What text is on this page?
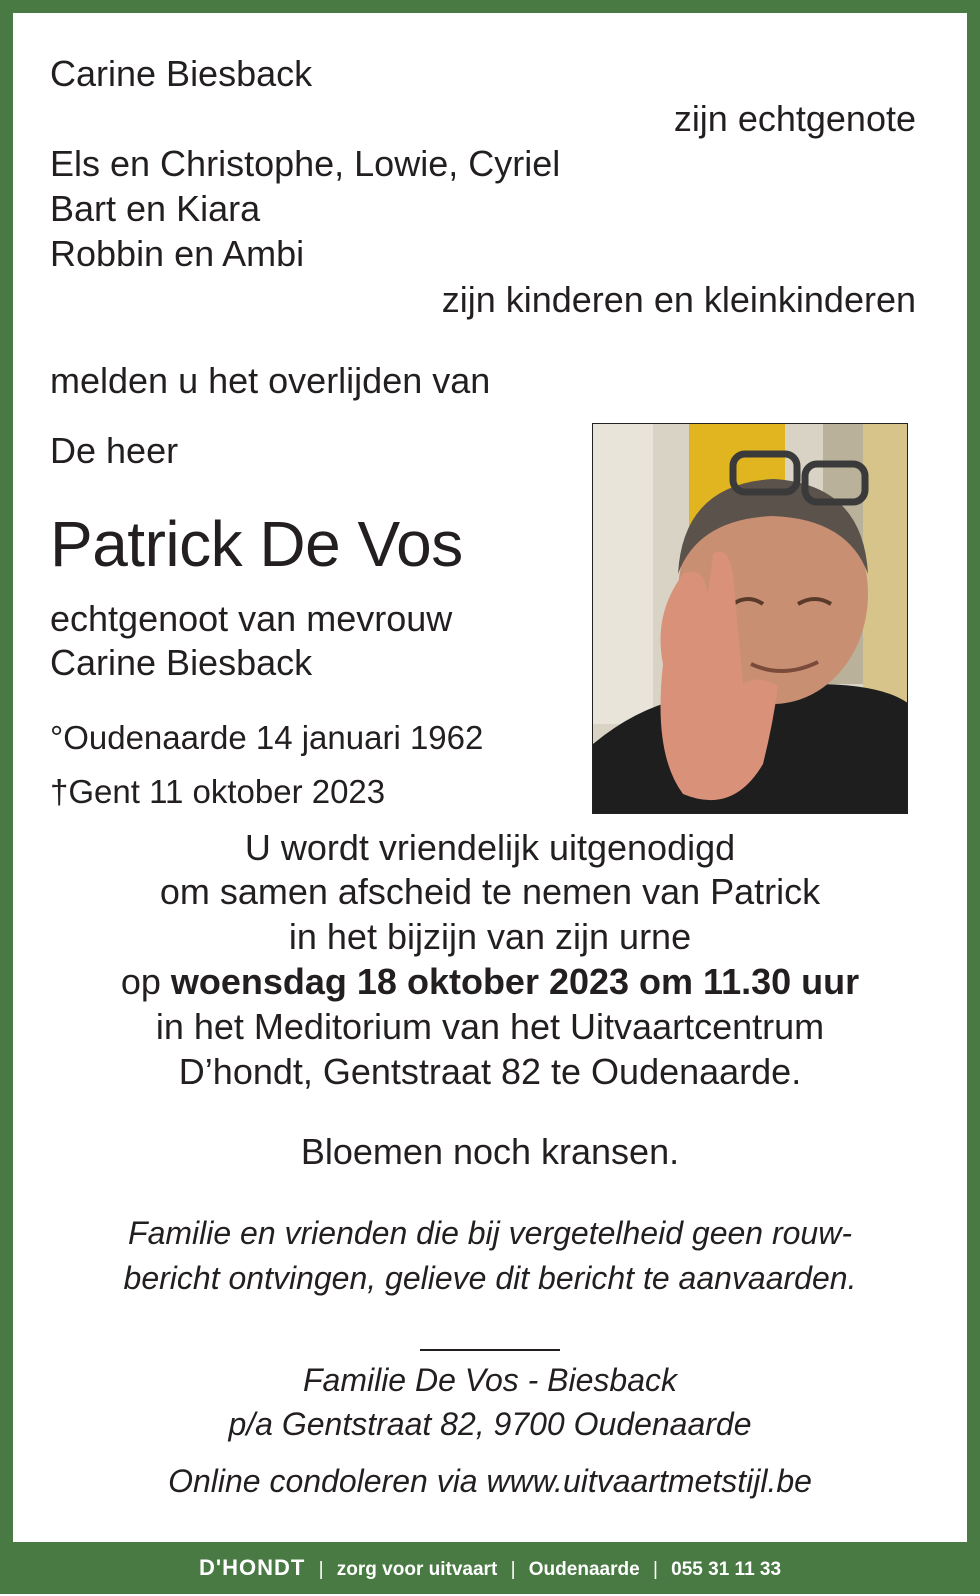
Carine Biesback
zijn echtgenote
Els en Christophe, Lowie, Cyriel
Bart en Kiara
Robbin en Ambi
zijn kinderen en kleinkinderen
melden u het overlijden van
De heer
Patrick De Vos
echtgenoot van mevrouw
Carine Biesback
°Oudenaarde 14 januari 1962
†Gent 11 oktober 2023
U wordt vriendelijk uitgenodigd
om samen afscheid te nemen van Patrick
in het bijzijn van zijn urne
op woensdag 18 oktober 2023 om 11.30 uur
in het Meditorium van het Uitvaartcentrum
D’hondt, Gentstraat 82 te Oudenaarde.
Bloemen noch kransen.
Familie en vrienden die bij vergetelheid geen rouw-
bericht ontvingen, gelieve dit bericht te aanvaarden.
Familie De Vos - Biesback
p/a Gentstraat 82, 9700 Oudenaarde
Online condoleren via www.uitvaartmetstijl.be
D'HONDT | zorg voor uitvaart | Oudenaarde | 055 31 11 33
